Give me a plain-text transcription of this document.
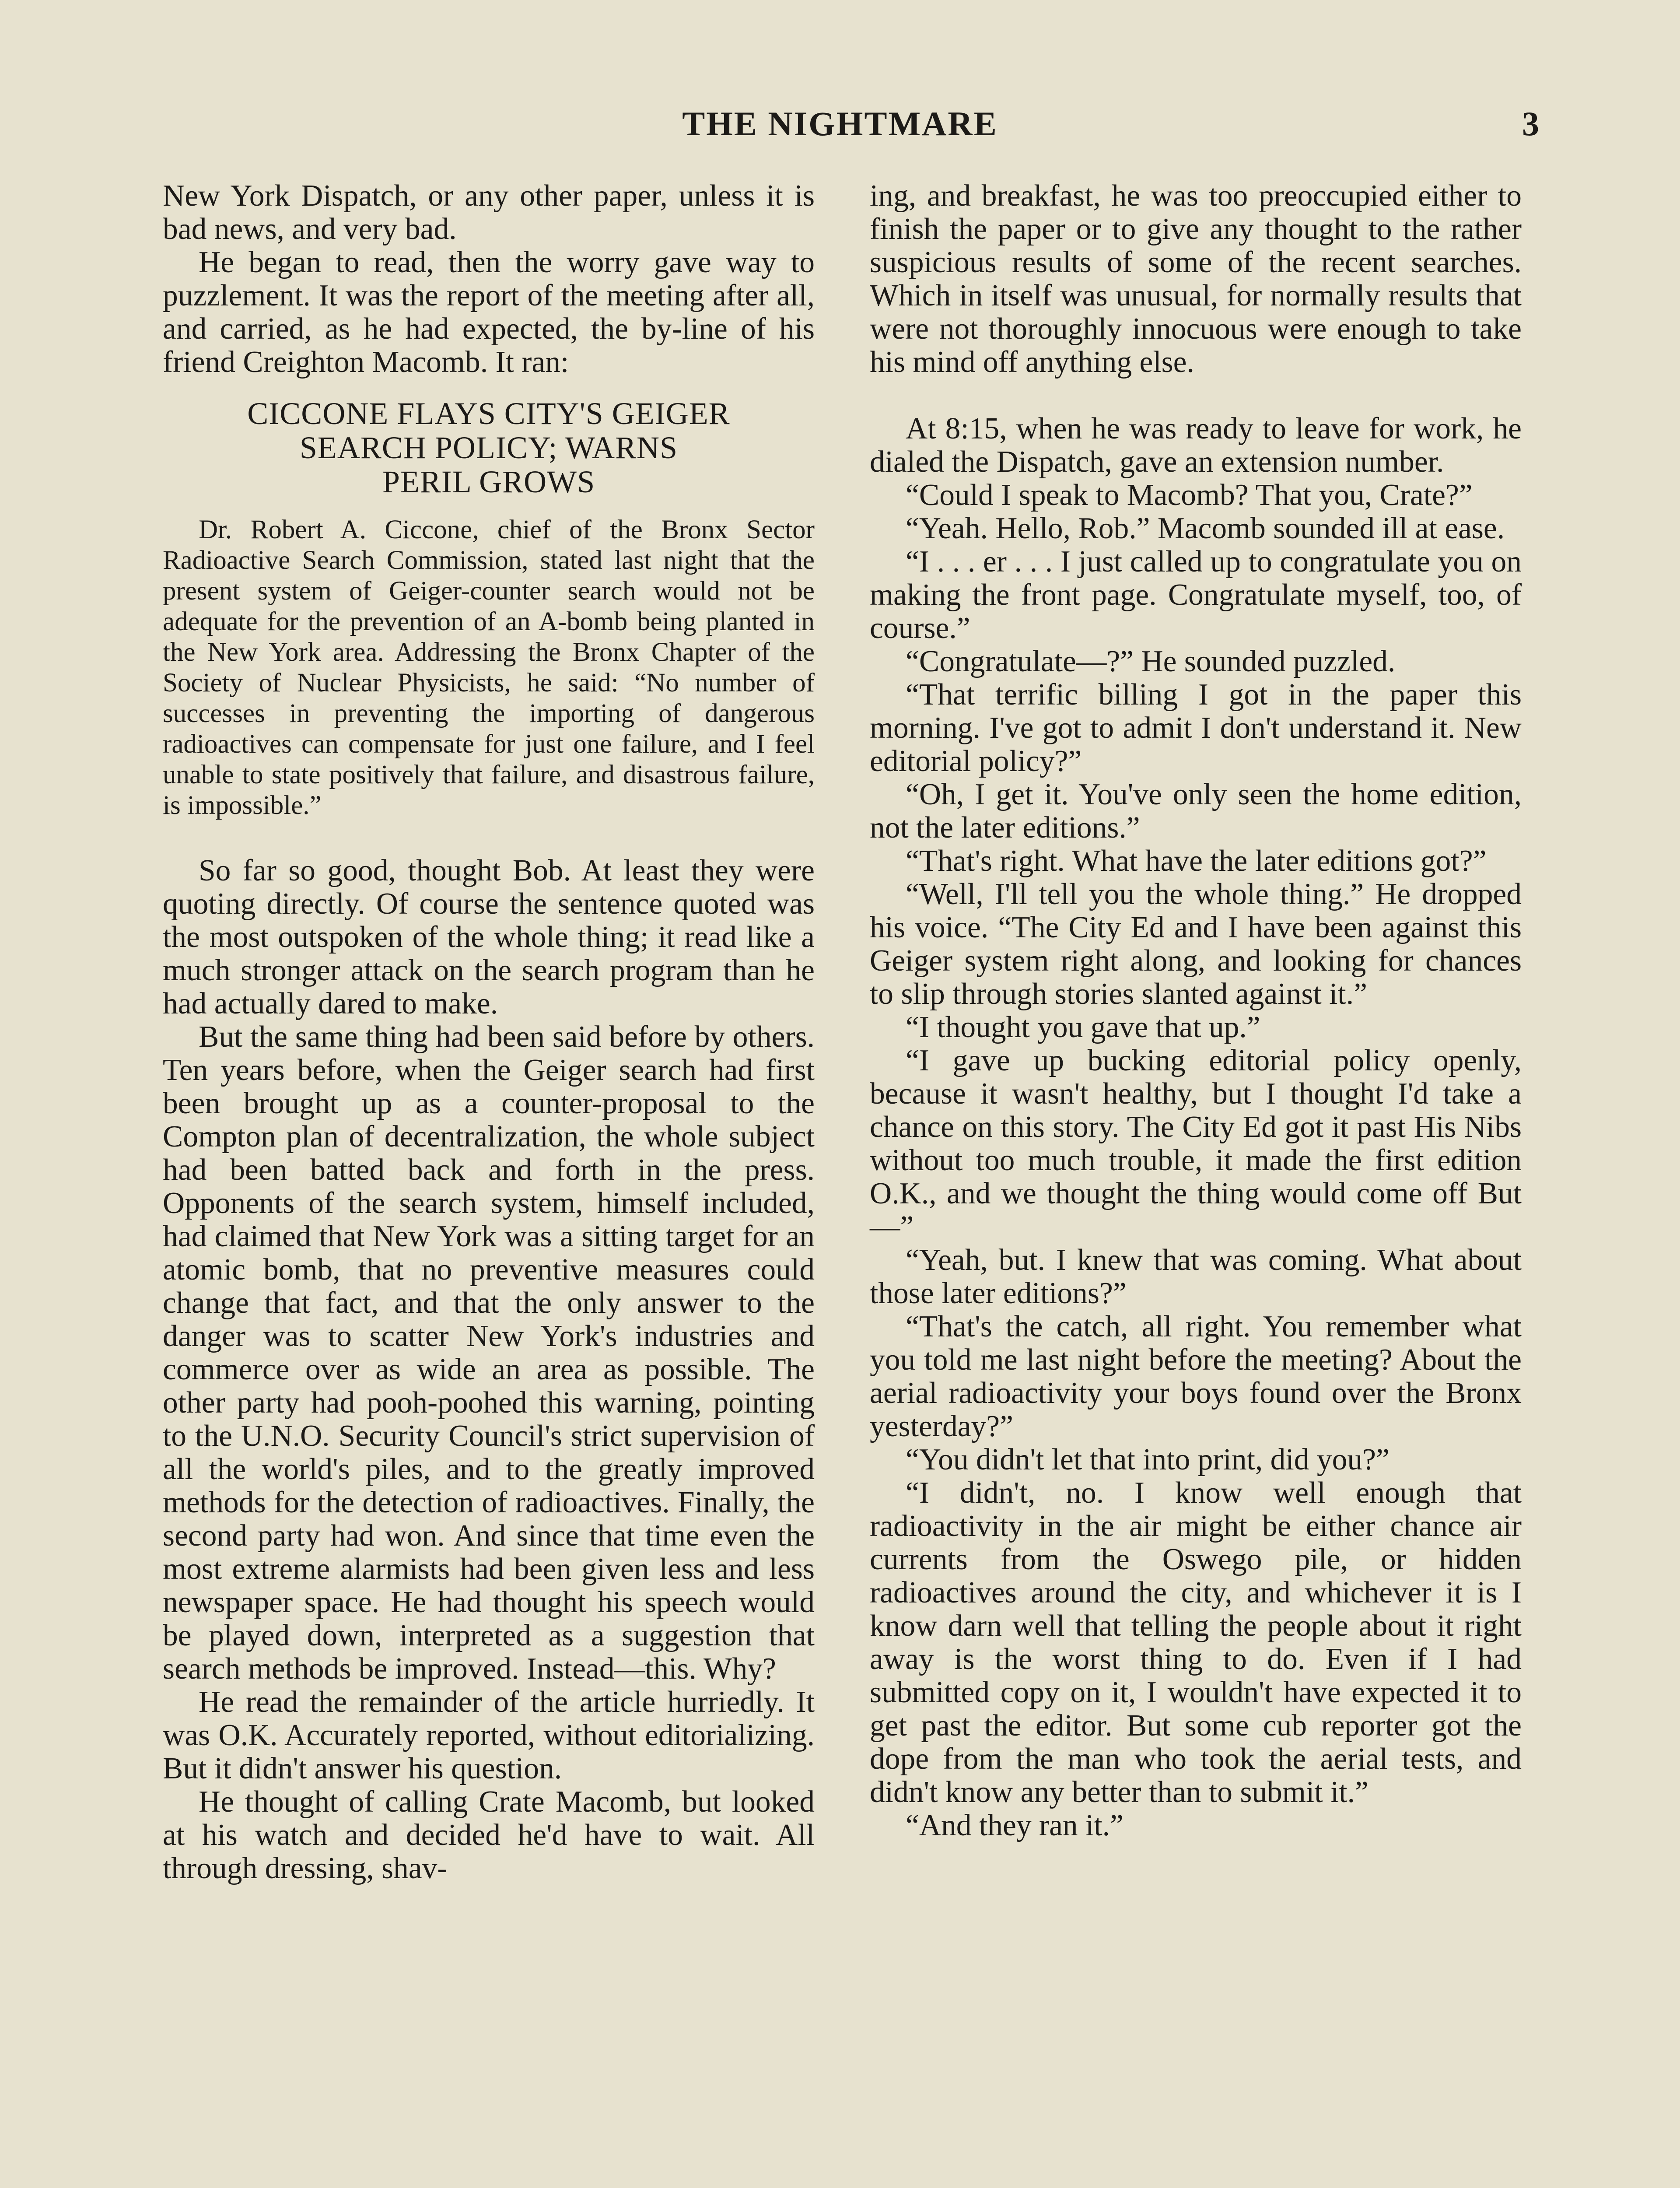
THE NIGHTMARE	3

New York Dispatch, or any other paper, unless it is bad news, and very bad.

He began to read, then the worry gave way to puzzlement. It was the report of the meeting after all, and carried, as he had expected, the by-line of his friend Creighton Macomb. It ran:

CICCONE FLAYS CITY'S GEIGER
SEARCH POLICY; WARNS
PERIL GROWS

Dr. Robert A. Ciccone, chief of the Bronx Sector Radioactive Search Commission, stated last night that the present system of Geiger-counter search would not be adequate for the prevention of an A-bomb being planted in the New York area. Addressing the Bronx Chapter of the Society of Nuclear Physicists, he said: “No number of successes in preventing the importing of dangerous radioactives can compensate for just one failure, and I feel unable to state positively that failure, and disastrous failure, is impossible.”

So far so good, thought Bob. At least they were quoting directly. Of course the sentence quoted was the most outspoken of the whole thing; it read like a much stronger attack on the search program than he had actually dared to make.

But the same thing had been said before by others. Ten years before, when the Geiger search had first been brought up as a counter-proposal to the Compton plan of decentralization, the whole subject had been batted back and forth in the press. Opponents of the search system, himself included, had claimed that New York was a sitting target for an atomic bomb, that no preventive measures could change that fact, and that the only answer to the danger was to scatter New York's industries and commerce over as wide an area as possible. The other party had pooh-poohed this warning, pointing to the U.N.O. Security Council's strict supervision of all the world's piles, and to the greatly improved methods for the detection of radioactives. Finally, the second party had won. And since that time even the most extreme alarmists had been given less and less newspaper space. He had thought his speech would be played down, interpreted as a suggestion that search methods be improved. Instead—this. Why?

He read the remainder of the article hurriedly. It was O.K. Accurately reported, without editorializing. But it didn't answer his question.

He thought of calling Crate Macomb, but looked at his watch and decided he'd have to wait. All through dressing, shav-

ing, and breakfast, he was too preoccupied either to finish the paper or to give any thought to the rather suspicious results of some of the recent searches. Which in itself was unusual, for normally results that were not thoroughly innocuous were enough to take his mind off anything else.

At 8:15, when he was ready to leave for work, he dialed the Dispatch, gave an extension number.

“Could I speak to Macomb? That you, Crate?”

“Yeah. Hello, Rob.” Macomb sounded ill at ease.

“I . . . er . . . I just called up to congratulate you on making the front page. Congratulate myself, too, of course.”

“Congratulate—?” He sounded puzzled.

“That terrific billing I got in the paper this morning. I've got to admit I don't understand it. New editorial policy?”

“Oh, I get it. You've only seen the home edition, not the later editions.”

“That's right. What have the later editions got?”

“Well, I'll tell you the whole thing.” He dropped his voice. “The City Ed and I have been against this Geiger system right along, and looking for chances to slip through stories slanted against it.”

“I thought you gave that up.”

“I gave up bucking editorial policy openly, because it wasn't healthy, but I thought I'd take a chance on this story. The City Ed got it past His Nibs without too much trouble, it made the first edition O.K., and we thought the thing would come off But—”

“Yeah, but. I knew that was coming. What about those later editions?”

“That's the catch, all right. You remember what you told me last night before the meeting? About the aerial radioactivity your boys found over the Bronx yesterday?”

“You didn't let that into print, did you?”

“I didn't, no. I know well enough that radioactivity in the air might be either chance air currents from the Oswego pile, or hidden radioactives around the city, and whichever it is I know darn well that telling the people about it right away is the worst thing to do. Even if I had submitted copy on it, I wouldn't have expected it to get past the editor. But some cub reporter got the dope from the man who took the aerial tests, and didn't know any better than to submit it.”

“And they ran it.”
